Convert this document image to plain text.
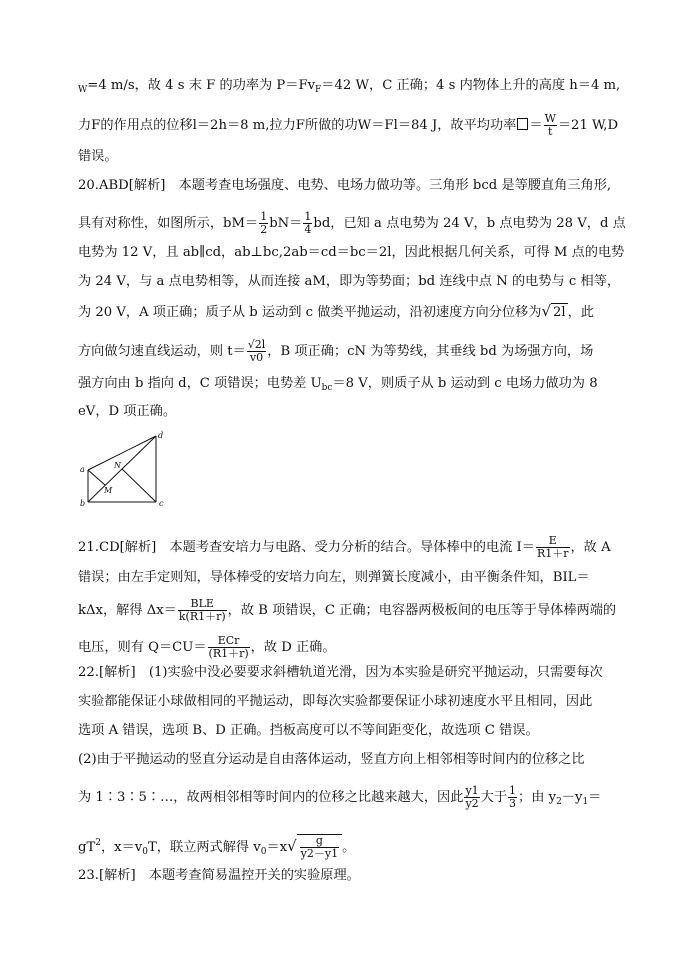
$_W$=4 m/s，故 4 s 末 F 的功率为 $P=Fv_F=42$ W，C 正确；4 s 内物体上升的高度 h＝4 m,
力F的作用点的位移l＝2h＝8 m,拉力F所做的功W＝Fl＝84 J，故平均功率 ＝ $\frac{W}{t} =21$ W,D
错误。
20.ABD[解析]　本题考查电场强度、电势、电场力做功等。三角形 bcd 是等腰直角三角形,
具有对称性，如图所示，$bM= \frac{1}{2} bN= \frac{1}{4}$ bd，已知 a 点电势为 24 V，b 点电势为 28 V，d 点
电势为 12 V，且 ab∥cd，ab⊥bc,2ab＝cd＝bc＝2l，因此根据几何关系，可得 M 点的电势
为 24 V，与 a 点电势相等，从而连接 aM，即为等势面；bd 连线中点 N 的电势与 c 相等，
为 20 V，A 项正确；质子从 b 运动到 c 做类平抛运动，沿初速度方向分位移为√ 2l ，此
方向做匀速直线运动，则 $t= \frac{√2l}{v0}$ ，B 项正确；cN 为等势线，其垂线 bd 为场强方向，场
强方向由 b 指向 d，C 项错误；电势差 $U_{bc}=8$ V，则质子从 b 运动到 c 电场力做功为 8
eV，D 项正确。
a
b	c
d
N
M
21.CD[解析]　本题考查安培力与电路、受力分析的结合。导体棒中的电流 $I= \frac{E}{R1+r}$ ，故 A
错误；由左手定则知，导体棒受的安培力向左，则弹簧长度减小，由平衡条件知，BIL＝
kΔx，解得 $\Delta x= \frac{\text{BLE}}{k(R1+r)}$ ，故 B 项错误，C 正确；电容器两极板间的电压等于导体棒两端的
电压，则有 $Q=CU= \frac{\text{ECr}}{(R1+r)}$ ，故 D 正确。
22.[解析]　(1)实验中没必要要求斜槽轨道光滑，因为本实验是研究平抛运动，只需要每次
实验都能保证小球做相同的平抛运动，即每次实验都要保证小球初速度水平且相同，因此
选项 A 错误，选项 B、D 正确。挡板高度可以不等间距变化，故选项 C 错误。
(2)由于平抛运动的竖直分运动是自由落体运动，竖直方向上相邻相等时间内的位移之比
为 1∶3∶5∶…，故两相邻相等时间内的位移之比越来越大，因此 $\frac{y1}{y2}$ 大于 $\frac{1}{3}$ ；由 $y_2-y_1=$
$gT^2$，$x=v_0T$，联立两式解得 $v_0=x√ \frac{g}{y2-y1}$ 。
23.[解析]　本题考查简易温控开关的实验原理。
